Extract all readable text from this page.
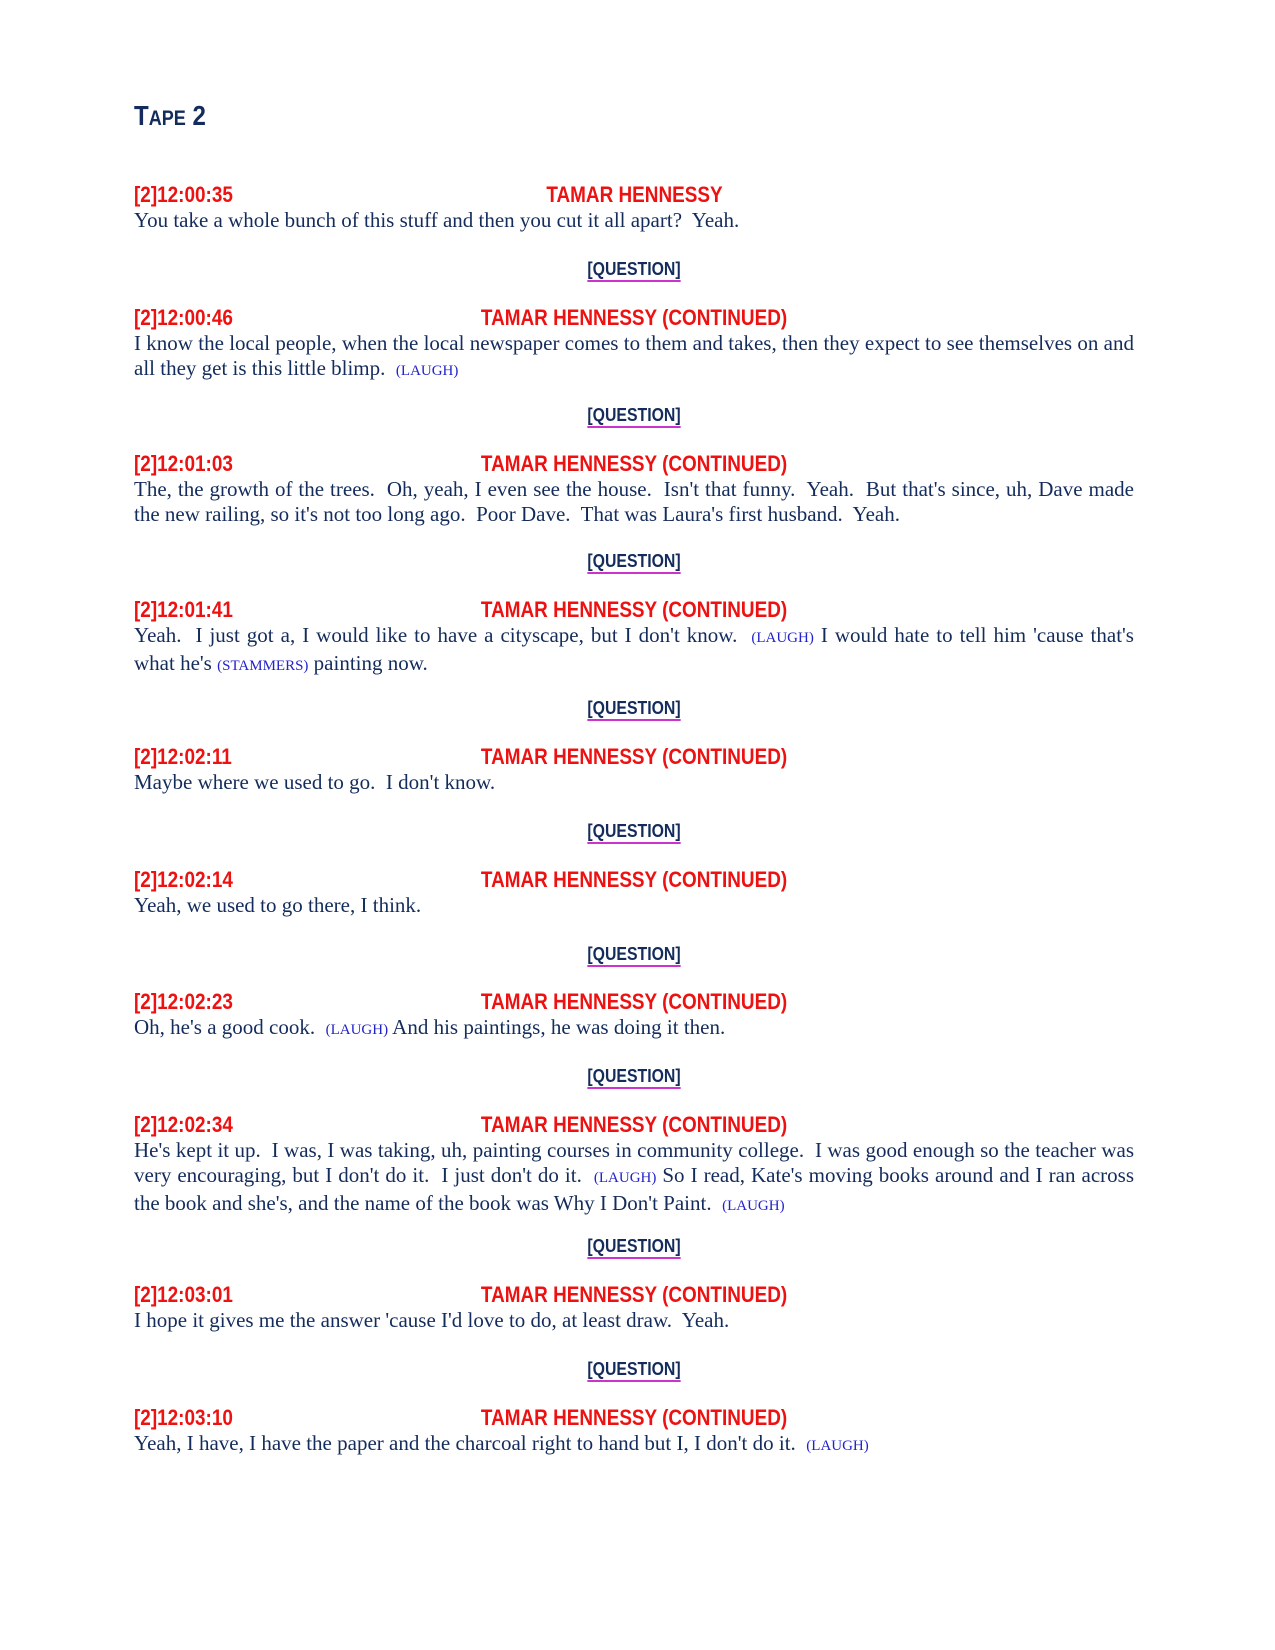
TAPE 2
[2]12:00:35	TAMAR HENNESSY
You take a whole bunch of this stuff and then you cut it all apart?  Yeah.
[2]12:00:46	TAMAR HENNESSY (CONTINUED)
I know the local people, when the local newspaper comes to them and takes, then they expect to see themselves on and all they get is this little blimp.  (LAUGH)
[2]12:01:03	TAMAR HENNESSY (CONTINUED)
The, the growth of the trees.  Oh, yeah, I even see the house.  Isn't that funny.  Yeah.  But that's since, uh, Dave made the new railing, so it's not too long ago.  Poor Dave.  That was Laura's first husband.  Yeah.
[2]12:01:41	TAMAR HENNESSY (CONTINUED)
Yeah.  I just got a, I would like to have a cityscape, but I don't know.  (LAUGH) I would hate to tell him 'cause that's what he's (STAMMERS) painting now.
[2]12:02:11	TAMAR HENNESSY (CONTINUED)
Maybe where we used to go.  I don't know.
[2]12:02:14	TAMAR HENNESSY (CONTINUED)
Yeah, we used to go there, I think.
[2]12:02:23	TAMAR HENNESSY (CONTINUED)
Oh, he's a good cook.  (LAUGH) And his paintings, he was doing it then.
[2]12:02:34	TAMAR HENNESSY (CONTINUED)
He's kept it up.  I was, I was taking, uh, painting courses in community college.  I was good enough so the teacher was very encouraging, but I don't do it.  I just don't do it.  (LAUGH) So I read, Kate's moving books around and I ran across the book and she's, and the name of the book was Why I Don't Paint.  (LAUGH)
[2]12:03:01	TAMAR HENNESSY (CONTINUED)
I hope it gives me the answer 'cause I'd love to do, at least draw.  Yeah.
[2]12:03:10	TAMAR HENNESSY (CONTINUED)
Yeah, I have, I have the paper and the charcoal right to hand but I, I don't do it.  (LAUGH)
[QUESTION]
[QUESTION]
[QUESTION]
[QUESTION]
[QUESTION]
[QUESTION]
[QUESTION]
[QUESTION]
[QUESTION]
